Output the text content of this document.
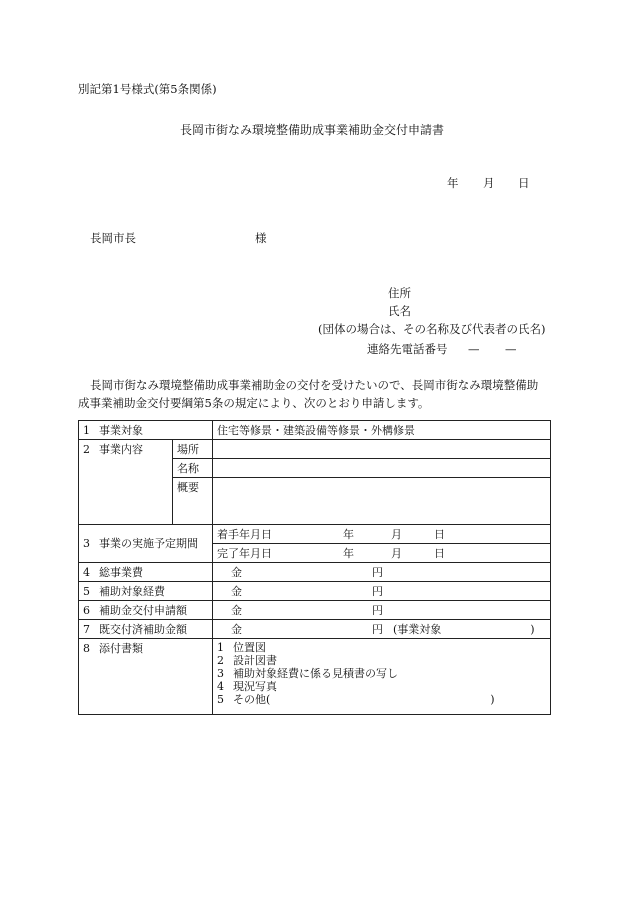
別記第1号様式(第5条関係)
長岡市街なみ環境整備助成事業補助金交付申請書
年 月 日
長岡市長	様
住所
氏名
(団体の場合は、その名称及び代表者の氏名)
連絡先電話番号 — —
長岡市街なみ環境整備助成事業補助金の交付を受けたいので、長岡市街なみ環境整備助
成事業補助金交付要綱第5条の規定により、次のとおり申請します。
1 事業対象		住宅等修景・建築設備等修景・外構修景
2 事業内容	場所	
	名称	
	概要	
3 事業の実施予定期間		着手年月日 年 月 日
		完了年月日 年 月 日
4 総事業費		金 円
5 補助対象経費		金 円
6 補助金交付申請額		金 円
7 既交付済補助金額		金 円 (事業対象 )
8 添付書類		1 位置図
2 設計図書
3 補助対象経費に係る見積書の写し
4 現況写真
5 その他( )
